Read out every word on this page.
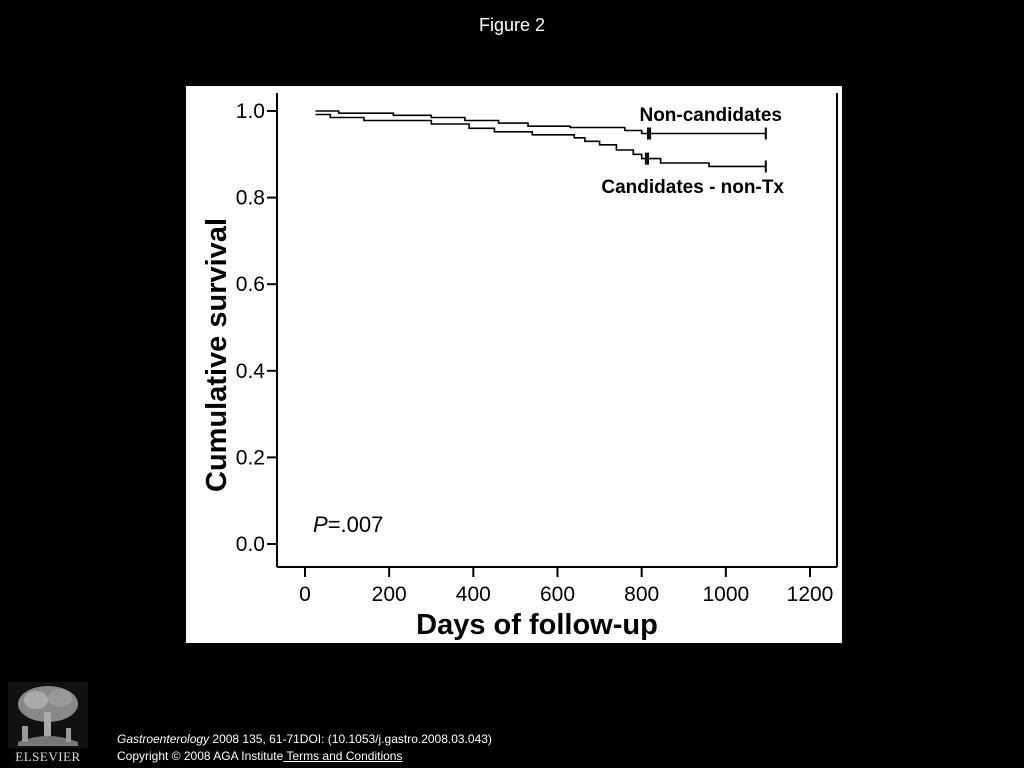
Figure 2
0.0
0.2
0.4
0.6
0.8
1.0
0	200 400 600 800 1000 1200
Days of follow-up
Cumulative survival
Non-candidates
Candidates - non-Tx
P=.007
ELSEVIER
Gastroenterology 2008 135, 61-71DOI: (10.1053/j.gastro.2008.03.043)
Copyright © 2008 AGA Institute Terms and Conditions
